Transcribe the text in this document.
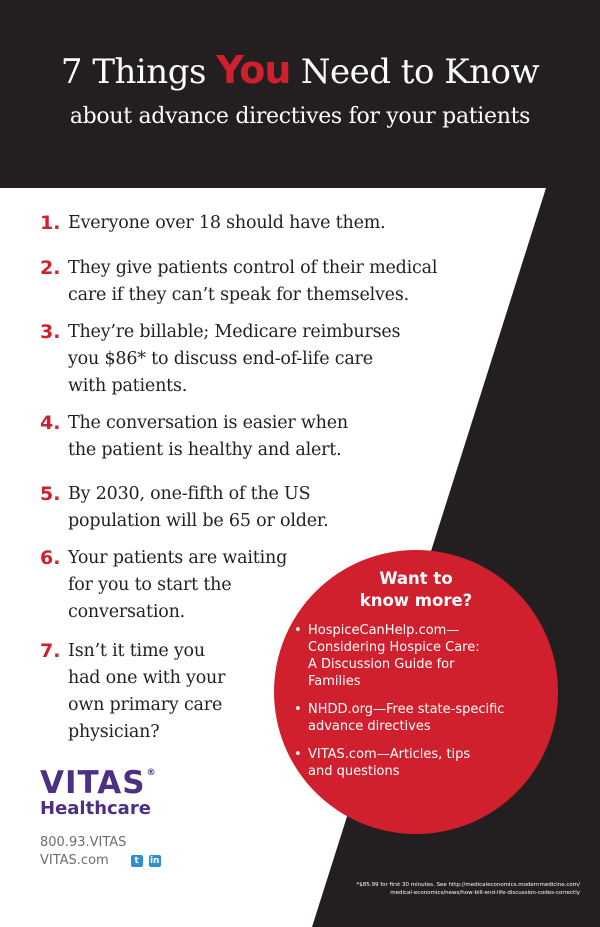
7 Things You Need to Know
about advance directives for your patients
1. Everyone over 18 should have them.
2. They give patients control of their medical
care if they can’t speak for themselves.
3. They’re billable; Medicare reimburses
you $86* to discuss end-of-life care
with patients.
4. The conversation is easier when
the patient is healthy and alert.
5. By 2030, one-fifth of the US
population will be 65 or older.
6. Your patients are waiting
for you to start the
conversation.
7. Isn’t it time you
had one with your
own primary care
physician?
Want to
know more?
• HospiceCanHelp.com—
Considering Hospice Care:
A Discussion Guide for
Families
• NHDD.org—Free state-specific
advance directives
• VITAS.com—Articles, tips
and questions
VITAS ®
Healthcare
800.93.VITAS
VITAS.com	t	in
*$85.99 for first 30 minutes. See http://medicaleconomics.modernmedicine.com/
medical-economics/news/how-bill-end-life-discussion-codes-correctly
